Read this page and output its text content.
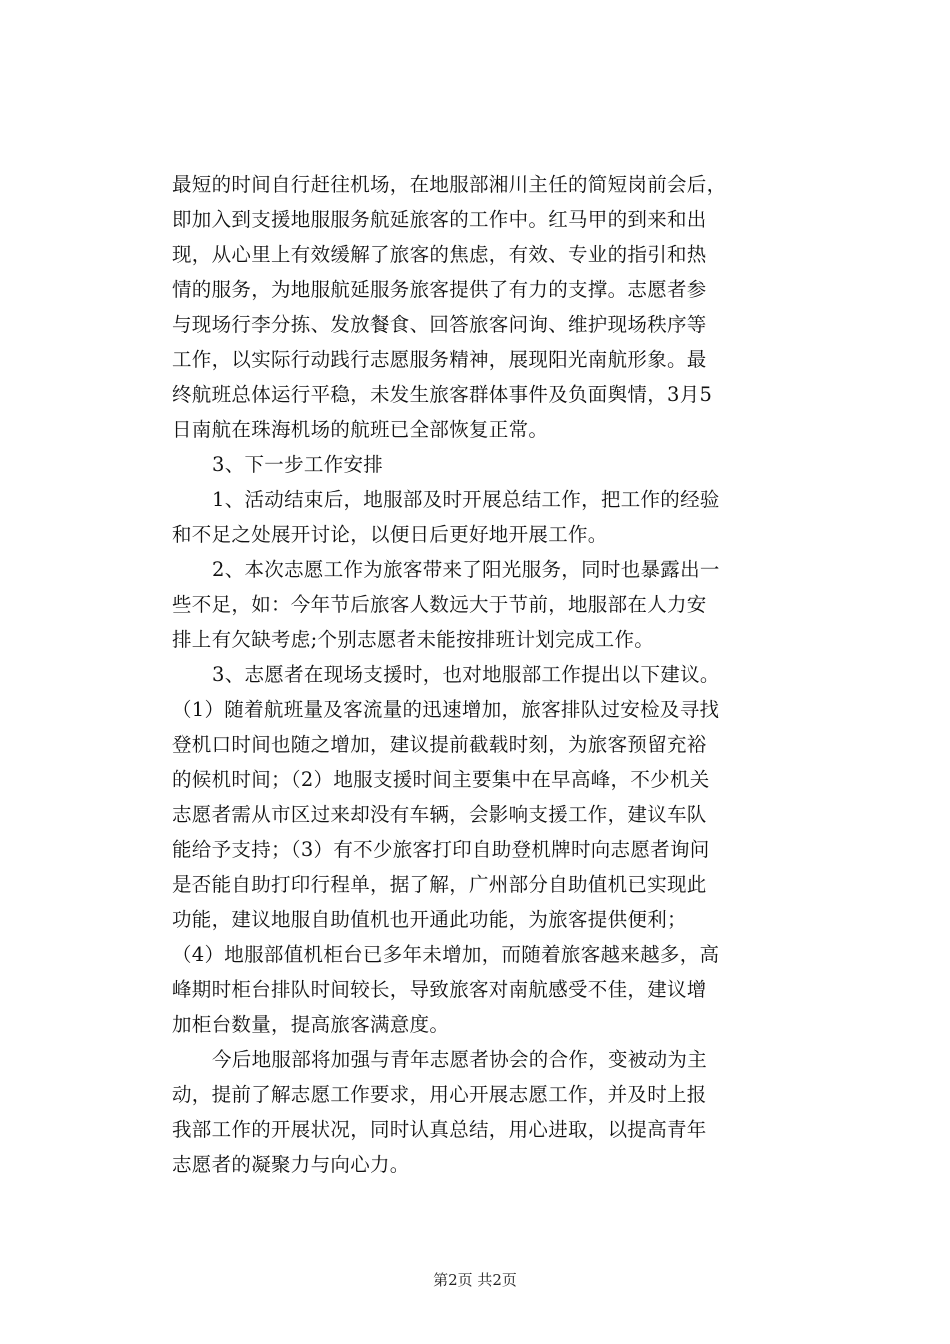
最短的时间自行赶往机场，在地服部湘川主任的简短岗前会后，
即加入到支援地服服务航延旅客的工作中。红马甲的到来和出
现，从心里上有效缓解了旅客的焦虑，有效、专业的指引和热
情的服务，为地服航延服务旅客提供了有力的支撑。志愿者参
与现场行李分拣、发放餐食、回答旅客问询、维护现场秩序等
工作，以实际行动践行志愿服务精神，展现阳光南航形象。最
终航班总体运行平稳，未发生旅客群体事件及负面舆情，3月5
日南航在珠海机场的航班已全部恢复正常。
3、下一步工作安排
1、活动结束后，地服部及时开展总结工作，把工作的经验
和不足之处展开讨论，以便日后更好地开展工作。
2、本次志愿工作为旅客带来了阳光服务，同时也暴露出一
些不足，如：今年节后旅客人数远大于节前，地服部在人力安
排上有欠缺考虑;个别志愿者未能按排班计划完成工作。
3、志愿者在现场支援时，也对地服部工作提出以下建议。
（1）随着航班量及客流量的迅速增加，旅客排队过安检及寻找
登机口时间也随之增加，建议提前截载时刻，为旅客预留充裕
的候机时间；（2）地服支援时间主要集中在早高峰，不少机关
志愿者需从市区过来却没有车辆，会影响支援工作，建议车队
能给予支持；（3）有不少旅客打印自助登机牌时向志愿者询问
是否能自助打印行程单，据了解，广州部分自助值机已实现此
功能，建议地服自助值机也开通此功能，为旅客提供便利；
（4）地服部值机柜台已多年未增加，而随着旅客越来越多，高
峰期时柜台排队时间较长，导致旅客对南航感受不佳，建议增
加柜台数量，提高旅客满意度。
今后地服部将加强与青年志愿者协会的合作，变被动为主
动，提前了解志愿工作要求，用心开展志愿工作，并及时上报
我部工作的开展状况，同时认真总结，用心进取，以提高青年
志愿者的凝聚力与向心力。
第2页 共2页
